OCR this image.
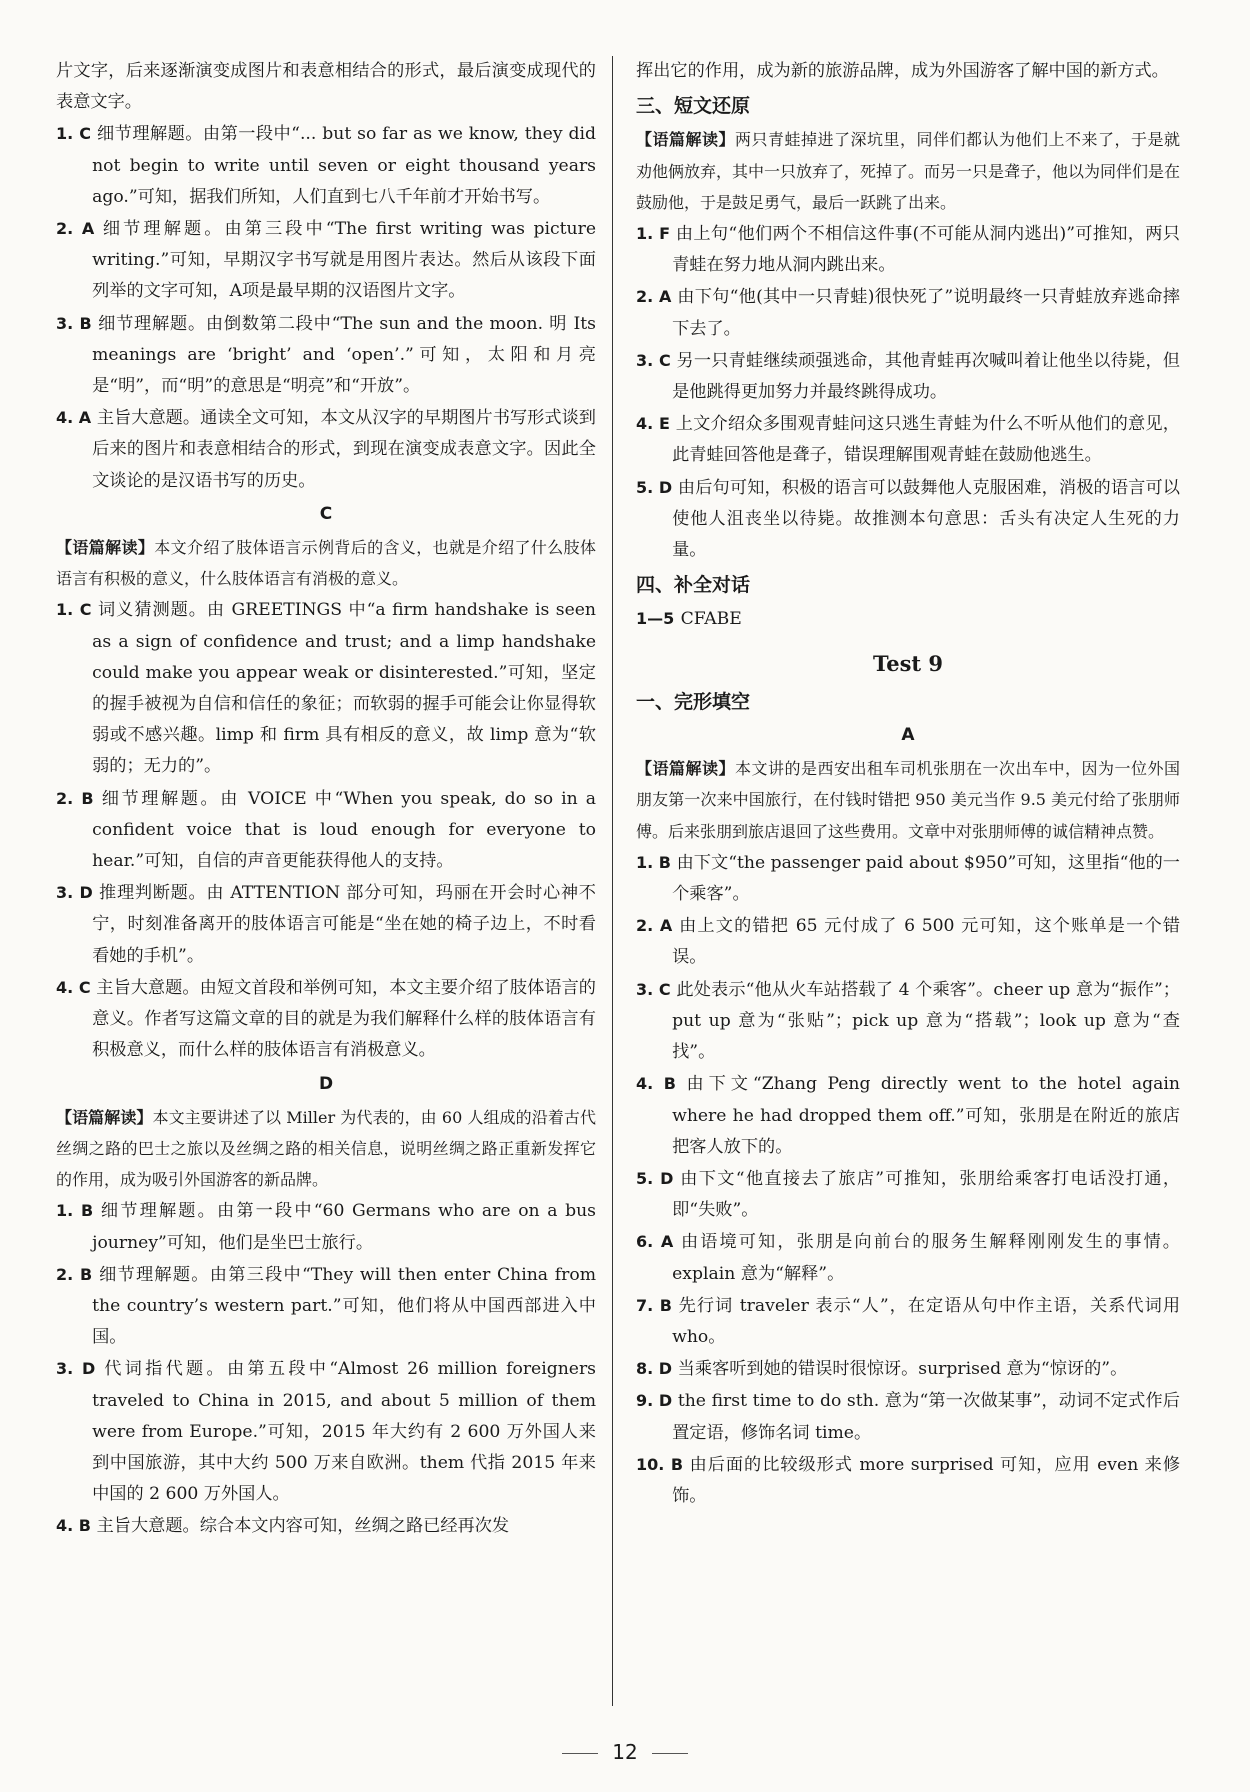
片文字，后来逐渐演变成图片和表意相结合的形式，最后演变成现代的表意文字。

1. C 细节理解题。由第一段中“... but so far as we know, they did not begin to write until seven or eight thousand years ago.”可知，据我们所知，人们直到七八千年前才开始书写。

2. A 细节理解题。由第三段中“The first writing was picture writing.”可知，早期汉字书写就是用图片表达。然后从该段下面列举的文字可知，A项是最早期的汉语图片文字。

3. B 细节理解题。由倒数第二段中“The sun and the moon. 明 Its meanings are ‘bright’ and ‘open’.”可知，太阳和月亮是“明”，而“明”的意思是“明亮”和“开放”。

4. A 主旨大意题。通读全文可知，本文从汉字的早期图片书写形式谈到后来的图片和表意相结合的形式，到现在演变成表意文字。因此全文谈论的是汉语书写的历史。

C

【语篇解读】本文介绍了肢体语言示例背后的含义，也就是介绍了什么肢体语言有积极的意义，什么肢体语言有消极的意义。

1. C 词义猜测题。由 GREETINGS 中“a firm handshake is seen as a sign of confidence and trust; and a limp handshake could make you appear weak or disinterested.”可知，坚定的握手被视为自信和信任的象征；而软弱的握手可能会让你显得软弱或不感兴趣。limp 和 firm 具有相反的意义，故 limp 意为“软弱的；无力的”。

2. B 细节理解题。由 VOICE 中“When you speak, do so in a confident voice that is loud enough for everyone to hear.”可知，自信的声音更能获得他人的支持。

3. D 推理判断题。由 ATTENTION 部分可知，玛丽在开会时心神不宁，时刻准备离开的肢体语言可能是“坐在她的椅子边上，不时看看她的手机”。

4. C 主旨大意题。由短文首段和举例可知，本文主要介绍了肢体语言的意义。作者写这篇文章的目的就是为我们解释什么样的肢体语言有积极意义，而什么样的肢体语言有消极意义。

D

【语篇解读】本文主要讲述了以 Miller 为代表的，由 60 人组成的沿着古代丝绸之路的巴士之旅以及丝绸之路的相关信息，说明丝绸之路正重新发挥它的作用，成为吸引外国游客的新品牌。

1. B 细节理解题。由第一段中“60 Germans who are on a bus journey”可知，他们是坐巴士旅行。

2. B 细节理解题。由第三段中“They will then enter China from the country’s western part.”可知，他们将从中国西部进入中国。

3. D 代词指代题。由第五段中“Almost 26 million foreigners traveled to China in 2015, and about 5 million of them were from Europe.”可知，2015 年大约有 2 600 万外国人来到中国旅游，其中大约 500 万来自欧洲。them 代指 2015 年来中国的 2 600 万外国人。

4. B 主旨大意题。综合本文内容可知，丝绸之路已经再次发

挥出它的作用，成为新的旅游品牌，成为外国游客了解中国的新方式。

三、短文还原

【语篇解读】两只青蛙掉进了深坑里，同伴们都认为他们上不来了，于是就劝他俩放弃，其中一只放弃了，死掉了。而另一只是聋子，他以为同伴们是在鼓励他，于是鼓足勇气，最后一跃跳了出来。

1. F 由上句“他们两个不相信这件事(不可能从洞内逃出)”可推知，两只青蛙在努力地从洞内跳出来。

2. A 由下句“他(其中一只青蛙)很快死了”说明最终一只青蛙放弃逃命摔下去了。

3. C 另一只青蛙继续顽强逃命，其他青蛙再次喊叫着让他坐以待毙，但是他跳得更加努力并最终跳得成功。

4. E 上文介绍众多围观青蛙问这只逃生青蛙为什么不听从他们的意见，此青蛙回答他是聋子，错误理解围观青蛙在鼓励他逃生。

5. D 由后句可知，积极的语言可以鼓舞他人克服困难，消极的语言可以使他人沮丧坐以待毙。故推测本句意思：舌头有决定人生死的力量。

四、补全对话

1—5 CFABE

Test 9

一、完形填空

A

【语篇解读】本文讲的是西安出租车司机张朋在一次出车中，因为一位外国朋友第一次来中国旅行，在付钱时错把 950 美元当作 9.5 美元付给了张朋师傅。后来张朋到旅店退回了这些费用。文章中对张朋师傅的诚信精神点赞。

1. B 由下文“the passenger paid about $950”可知，这里指“他的一个乘客”。

2. A 由上文的错把 65 元付成了 6 500 元可知，这个账单是一个错误。

3. C 此处表示“他从火车站搭载了 4 个乘客”。cheer up 意为“振作”；put up 意为“张贴”；pick up 意为“搭载”；look up 意为“查找”。

4. B 由下文“Zhang Peng directly went to the hotel again where he had dropped them off.”可知，张朋是在附近的旅店把客人放下的。

5. D 由下文“他直接去了旅店”可推知，张朋给乘客打电话没打通，即“失败”。

6. A 由语境可知，张朋是向前台的服务生解释刚刚发生的事情。explain 意为“解释”。

7. B 先行词 traveler 表示“人”，在定语从句中作主语，关系代词用 who。

8. D 当乘客听到她的错误时很惊讶。surprised 意为“惊讶的”。

9. D the first time to do sth. 意为“第一次做某事”，动词不定式作后置定语，修饰名词 time。

10. B 由后面的比较级形式 more surprised 可知，应用 even 来修饰。

12
